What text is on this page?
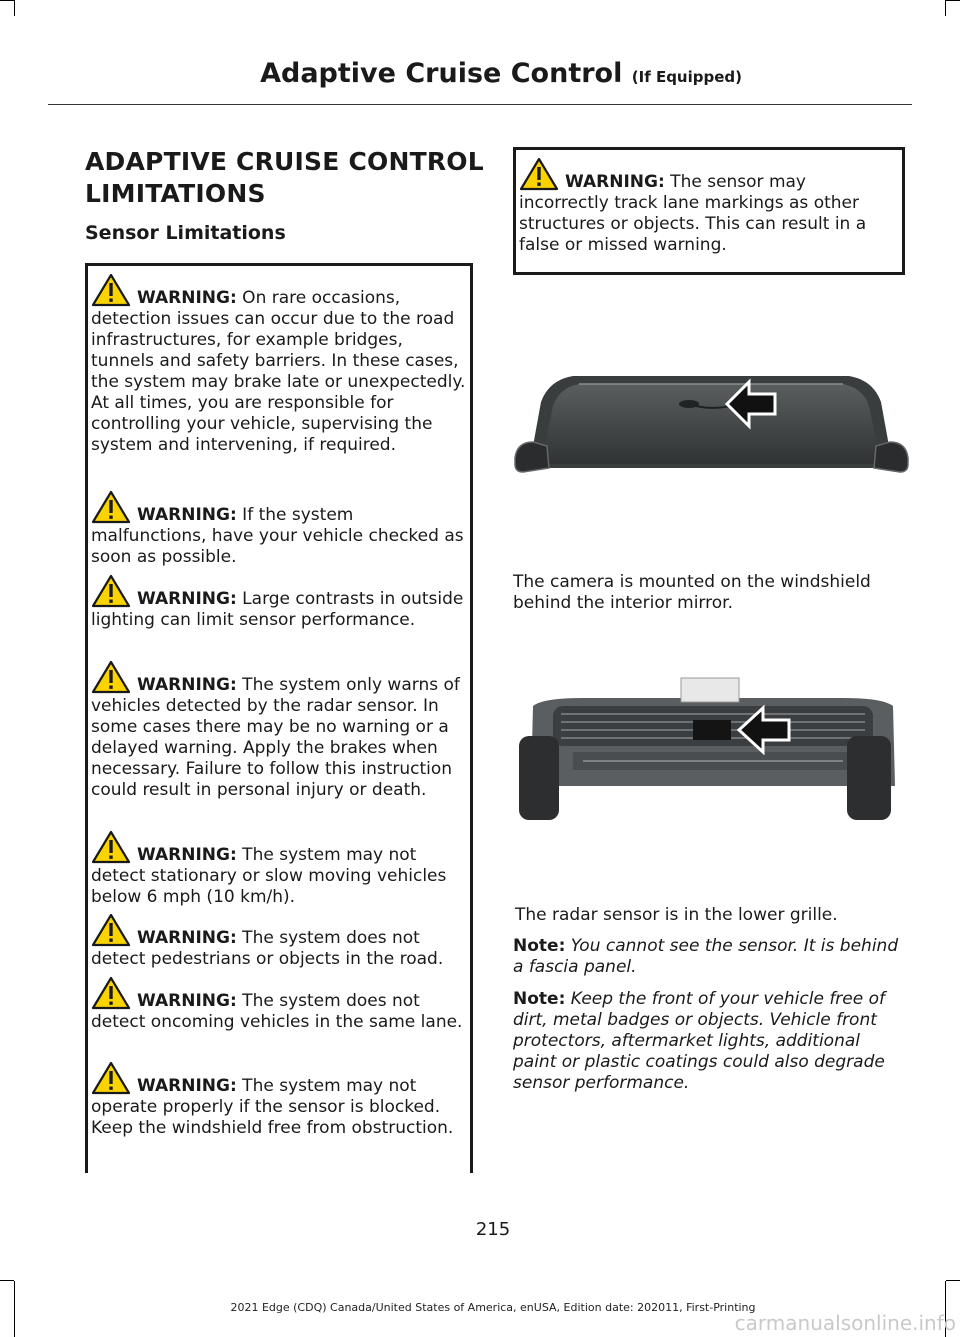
Adaptive Cruise Control (If Equipped)
ADAPTIVE CRUISE CONTROL LIMITATIONS
Sensor Limitations
WARNING: On rare occasions, detection issues can occur due to the road infrastructures, for example bridges, tunnels and safety barriers. In these cases, the system may brake late or unexpectedly. At all times, you are responsible for controlling your vehicle, supervising the system and intervening, if required.
WARNING: If the system malfunctions, have your vehicle checked as soon as possible.
WARNING: Large contrasts in outside lighting can limit sensor performance.
WARNING: The system only warns of vehicles detected by the radar sensor. In some cases there may be no warning or a delayed warning. Apply the brakes when necessary. Failure to follow this instruction could result in personal injury or death.
WARNING: The system may not detect stationary or slow moving vehicles below 6 mph (10 km/h).
WARNING: The system does not detect pedestrians or objects in the road.
WARNING: The system does not detect oncoming vehicles in the same lane.
WARNING: The system may not operate properly if the sensor is blocked. Keep the windshield free from obstruction.
WARNING: The sensor may incorrectly track lane markings as other structures or objects. This can result in a false or missed warning.
The camera is mounted on the windshield behind the interior mirror.
The radar sensor is in the lower grille.
Note: You cannot see the sensor. It is behind a fascia panel.
Note: Keep the front of your vehicle free of dirt, metal badges or objects. Vehicle front protectors, aftermarket lights, additional paint or plastic coatings could also degrade sensor performance.
215
2021 Edge (CDQ) Canada/United States of America, enUSA, Edition date: 202011, First-Printing
carmanualsonline.info
